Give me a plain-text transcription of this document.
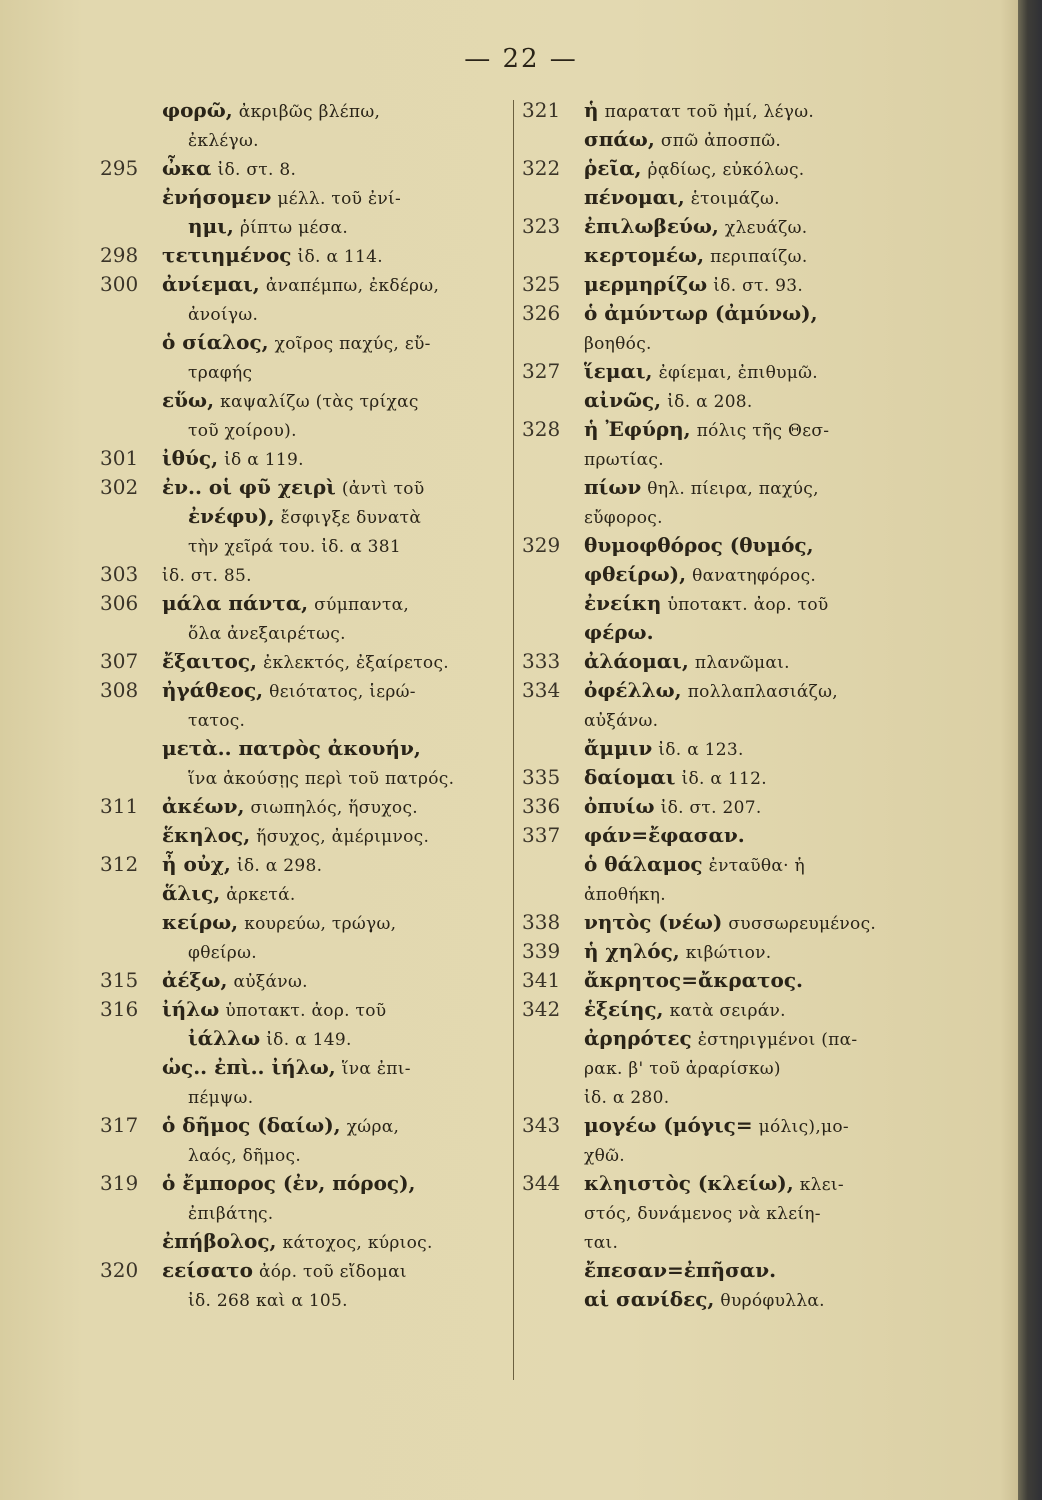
— 22 —
φορῶ, ἀκριβῶς βλέπω,
ἐκλέγω.
295	ὦκα ἰδ. στ. 8.
ἐνήσομεν μέλλ. τοῦ ἐνί-
ημι, ῥίπτω μέσα.
298	τετιημένος ἰδ. α 114.
300	ἀνίεμαι, ἀναπέμπω, ἐκδέρω,
ἀνοίγω.
ὁ σίαλος, χοῖρος παχύς, εὔ-
τραφής
εὕω, καψαλίζω (τὰς τρίχας
τοῦ χοίρου).
301	ἰθύς, ἰδ α 119.
302	ἐν.. οἱ φῦ χειρὶ (ἀντὶ τοῦ
ἐνέφυ), ἔσφιγξε δυνατὰ
τὴν χεῖρά του. ἰδ. α 381
303	ἰδ. στ. 85.
306	μάλα πάντα, σύμπαντα,
ὅλα ἀνεξαιρέτως.
307	ἔξαιτος, ἐκλεκτός, ἐξαίρετος.
308	ἠγάθεος, θειότατος, ἱερώ-
τατος.
μετὰ.. πατρὸς ἀκουήν,
ἵνα ἀκούσῃς περὶ τοῦ πατρός.
311	ἀκέων, σιωπηλός, ἥσυχος.
ἕκηλος, ἥσυχος, ἀμέριμνος.
312	ἦ οὐχ, ἰδ. α 298.
ἅλις, ἀρκετά.
κείρω, κουρεύω, τρώγω,
φθείρω.
315	ἀέξω, αὐξάνω.
316	ἰήλω ὑποτακτ. ἀορ. τοῦ
ἰάλλω ἰδ. α 149.
ὡς.. ἐπὶ.. ἰήλω, ἵνα ἐπι-
πέμψω.
317	ὁ δῆμος (δαίω), χώρα,
λαός, δῆμος.
319	ὁ ἔμπορος (ἐν, πόρος),
ἐπιβάτης.
ἐπήβολος, κάτοχος, κύριος.
320	εείσατο ἀόρ. τοῦ εἴδομαι
ἰδ. 268 καὶ α 105.
321	ἡ παρατατ τοῦ ἠμί, λέγω.
σπάω, σπῶ ἀποσπῶ.
322	ῥεῖα, ῥᾳδίως, εὐκόλως.
πένομαι, ἑτοιμάζω.
323	ἐπιλωβεύω, χλευάζω.
κερτομέω, περιπαίζω.
325	μερμηρίζω ἰδ. στ. 93.
326	ὁ ἀμύντωρ (ἀμύνω),
βοηθός.
327	ἵεμαι, ἐφίεμαι, ἐπιθυμῶ.
αἰνῶς, ἰδ. α 208.
328	ἡ Ἐφύρη, πόλις τῆς Θεσ-
πρωτίας.
πίων θηλ. πίειρα, παχύς,
εὔφορος.
329	θυμοφθόρος (θυμός,
φθείρω), θανατηφόρος.
ἐνείκη ὑποτακτ. ἀορ. τοῦ
φέρω.
333	ἀλάομαι, πλανῶμαι.
334	ὀφέλλω, πολλαπλασιάζω,
αὐξάνω.
ἄμμιν ἰδ. α 123.
335	δαίομαι ἰδ. α 112.
336	ὀπυίω ἰδ. στ. 207.
337	φάν=ἔφασαν.
ὁ θάλαμος ἐνταῦθα· ἡ
ἀποθήκη.
338	νητὸς (νέω) συσσωρευμένος.
339	ἡ χηλός, κιβώτιον.
341	ἄκρητος=ἄκρατος.
342	ἑξείης, κατὰ σειράν.
ἀρηρότες ἐστηριγμένοι (πα-
ρακ. β' τοῦ ἀραρίσκω)
ἰδ. α 280.
343	μογέω (μόγις= μόλις),μο-
χθῶ.
344	κληιστὸς (κλείω), κλει-
στός, δυνάμενος νὰ κλείη-
ται.
ἔπεσαν=ἐπῆσαν.
αἱ σανίδες, θυρόφυλλα.
